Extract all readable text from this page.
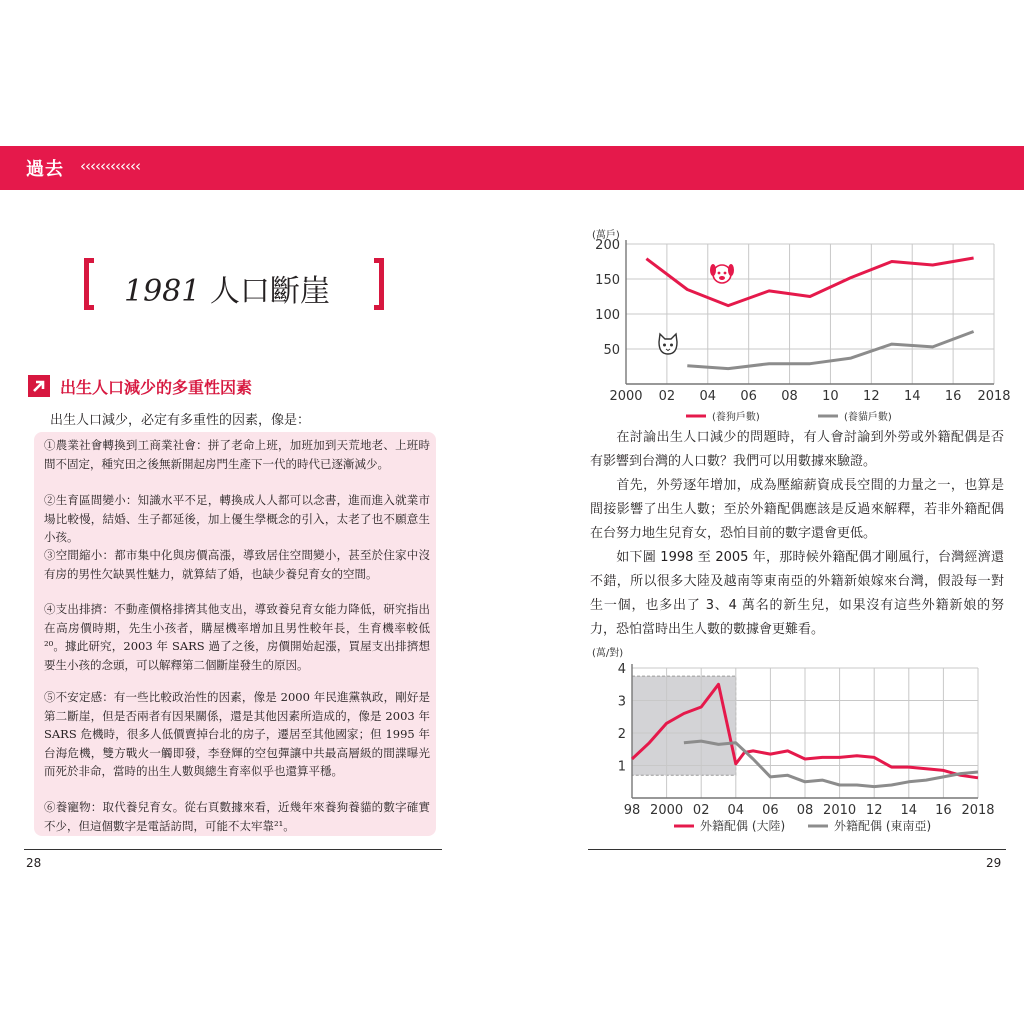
過去 ‹‹‹‹‹‹‹‹‹‹‹‹
1981 人口斷崖
出生人口減少的多重性因素
出生人口減少，必定有多重性的因素，像是：
①農業社會轉換到工商業社會：拼了老命上班，加班加到天荒地老、上班時間不固定，種究田之後無新開起房門生產下一代的時代已逐漸減少。
②生育區間變小：知識水平不足，轉換成人人都可以念書，進而進入就業市場比較慢，結婚、生子都延後，加上優生學概念的引入，太老了也不願意生小孩。
③空間縮小：都市集中化與房價高漲，導致居住空間變小，甚至於住家中沒有房的男性欠缺異性魅力，就算結了婚，也缺少養兒育女的空間。
④支出排擠：不動產價格排擠其他支出，導致養兒育女能力降低，研究指出在高房價時期，先生小孩者，購屋機率增加且男性較年長，生育機率較低²⁰。據此研究，2003 年 SARS 過了之後，房價開始起漲，買屋支出排擠想要生小孩的念頭，可以解釋第二個斷崖發生的原因。
⑤不安定感：有一些比較政治性的因素，像是 2000 年民進黨執政，剛好是第二斷崖，但是否兩者有因果關係，還是其他因素所造成的，像是 2003 年 SARS 危機時，很多人低價賣掉台北的房子，遷居至其他國家；但 1995 年台海危機，雙方戰火一觸即發，李登輝的空包彈讓中共最高層級的間諜曝光而死於非命，當時的出生人數與總生育率似乎也還算平穩。
⑥養寵物：取代養兒育女。從右頁數據來看，近幾年來養狗養貓的數字確實不少，但這個數字是電話訪問，可能不太牢靠²¹。
28
(萬戶)
50
100
150
200
2000 02 04 06 08 10 12 14 16 2018
(養狗戶數)	(養貓戶數)
在討論出生人口減少的問題時，有人會討論到外勞或外籍配偶是否有影響到台灣的人口數？我們可以用數據來驗證。
首先，外勞逐年增加，成為壓縮薪資成長空間的力量之一，也算是間接影響了出生人數；至於外籍配偶應該是反過來解釋，若非外籍配偶在台努力地生兒育女，恐怕目前的數字還會更低。
如下圖 1998 至 2005 年，那時候外籍配偶才剛風行，台灣經濟還不錯，所以很多大陸及越南等東南亞的外籍新娘嫁來台灣，假設每一對生一個，也多出了 3、4 萬名的新生兒，如果沒有這些外籍新娘的努力，恐怕當時出生人數的數據會更難看。
(萬/對)
1
2
3
4
98 2000 02 04 06 08 2010 12 14 16 2018
外籍配偶 (大陸)	外籍配偶 (東南亞)
29
